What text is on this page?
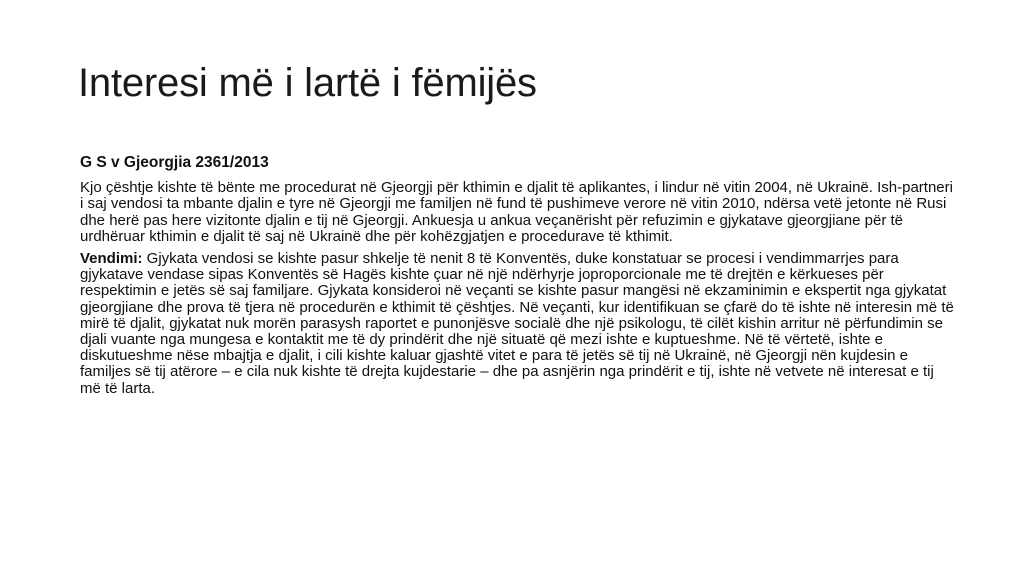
Interesi më i lartë i fëmijës
G S v Gjeorgjia 2361/2013

Kjo çështje kishte të bënte me procedurat në Gjeorgji për kthimin e djalit të aplikantes, i lindur në vitin 2004, në Ukrainë. Ish-partneri i saj vendosi ta mbante djalin e tyre në Gjeorgji me familjen në fund të pushimeve verore në vitin 2010, ndërsa vetë jetonte në Rusi dhe herë pas here vizitonte djalin e tij në Gjeorgji. Ankuesja u ankua veçanërisht për refuzimin e gjykatave gjeorgjiane për të urdhëruar kthimin e djalit të saj në Ukrainë dhe për kohëzgjatjen e procedurave të kthimit.

Vendimi: Gjykata vendosi se kishte pasur shkelje të nenit 8 të Konventës, duke konstatuar se procesi i vendimmarrjes para gjykatave vendase sipas Konventës së Hagës kishte çuar në një ndërhyrje joproporcionale me të drejtën e kërkueses për respektimin e jetës së saj familjare. Gjykata konsideroi në veçanti se kishte pasur mangësi në ekzaminimin e ekspertit nga gjykatat gjeorgjiane dhe prova të tjera në procedurën e kthimit të çështjes. Në veçanti, kur identifikuan se çfarë do të ishte në interesin më të mirë të djalit, gjykatat nuk morën parasysh raportet e punonjësve socialë dhe një psikologu, të cilët kishin arritur në përfundimin se djali vuante nga mungesa e kontaktit me të dy prindërit dhe një situatë që mezi ishte e kuptueshme. Në të vërtetë, ishte e diskutueshme nëse mbajtja e djalit, i cili kishte kaluar gjashtë vitet e para të jetës së tij në Ukrainë, në Gjeorgji nën kujdesin e familjes së tij atërore – e cila nuk kishte të drejta kujdestarie – dhe pa asnjërin nga prindërit e tij, ishte në vetvete në interesat e tij më të larta.
